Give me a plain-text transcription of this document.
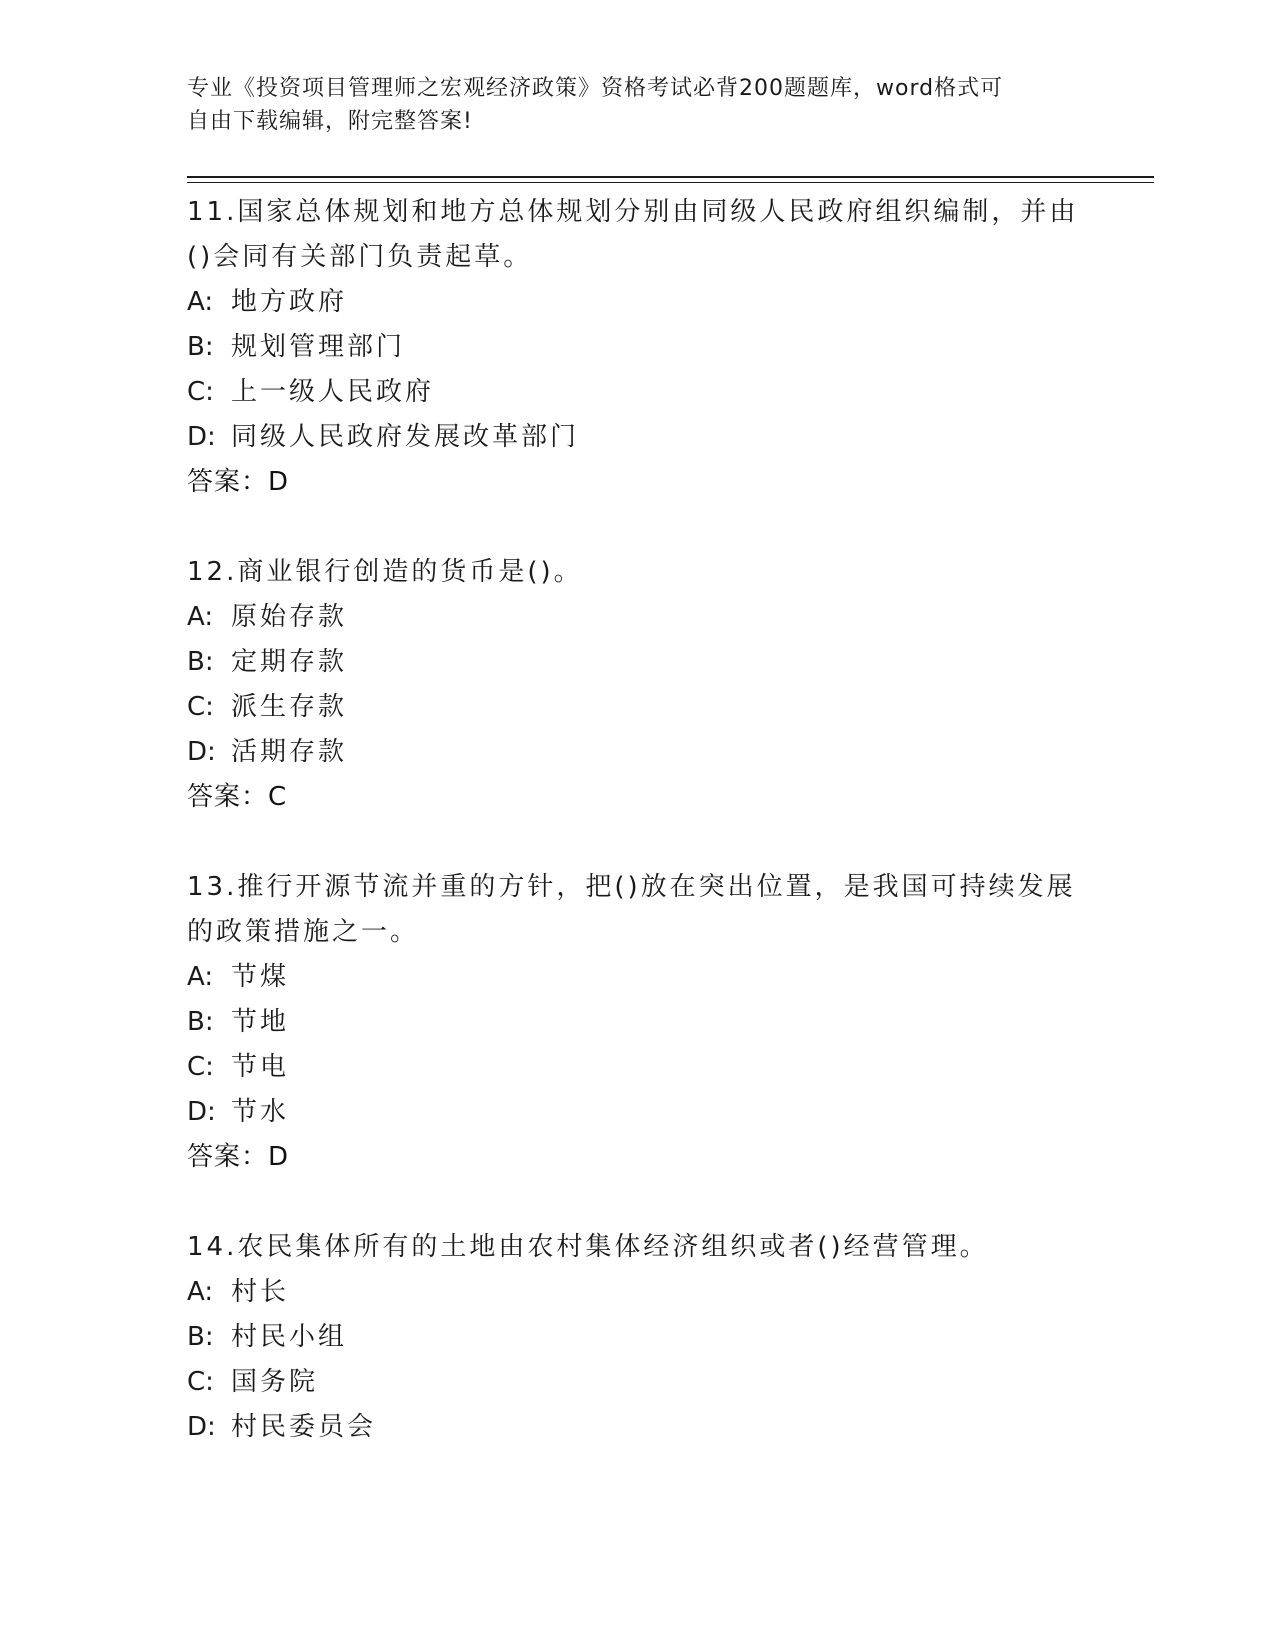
专业《投资项目管理师之宏观经济政策》资格考试必背200题题库，word格式可
自由下载编辑，附完整答案!
11.国家总体规划和地方总体规划分别由同级人民政府组织编制，并由
()会同有关部门负责起草。
A: 地方政府
B: 规划管理部门
C: 上一级人民政府
D: 同级人民政府发展改革部门
答案：D
12.商业银行创造的货币是()。
A: 原始存款
B: 定期存款
C: 派生存款
D: 活期存款
答案：C
13.推行开源节流并重的方针，把()放在突出位置，是我国可持续发展
的政策措施之一。
A: 节煤
B: 节地
C: 节电
D: 节水
答案：D
14.农民集体所有的土地由农村集体经济组织或者()经营管理。
A: 村长
B: 村民小组
C: 国务院
D: 村民委员会
